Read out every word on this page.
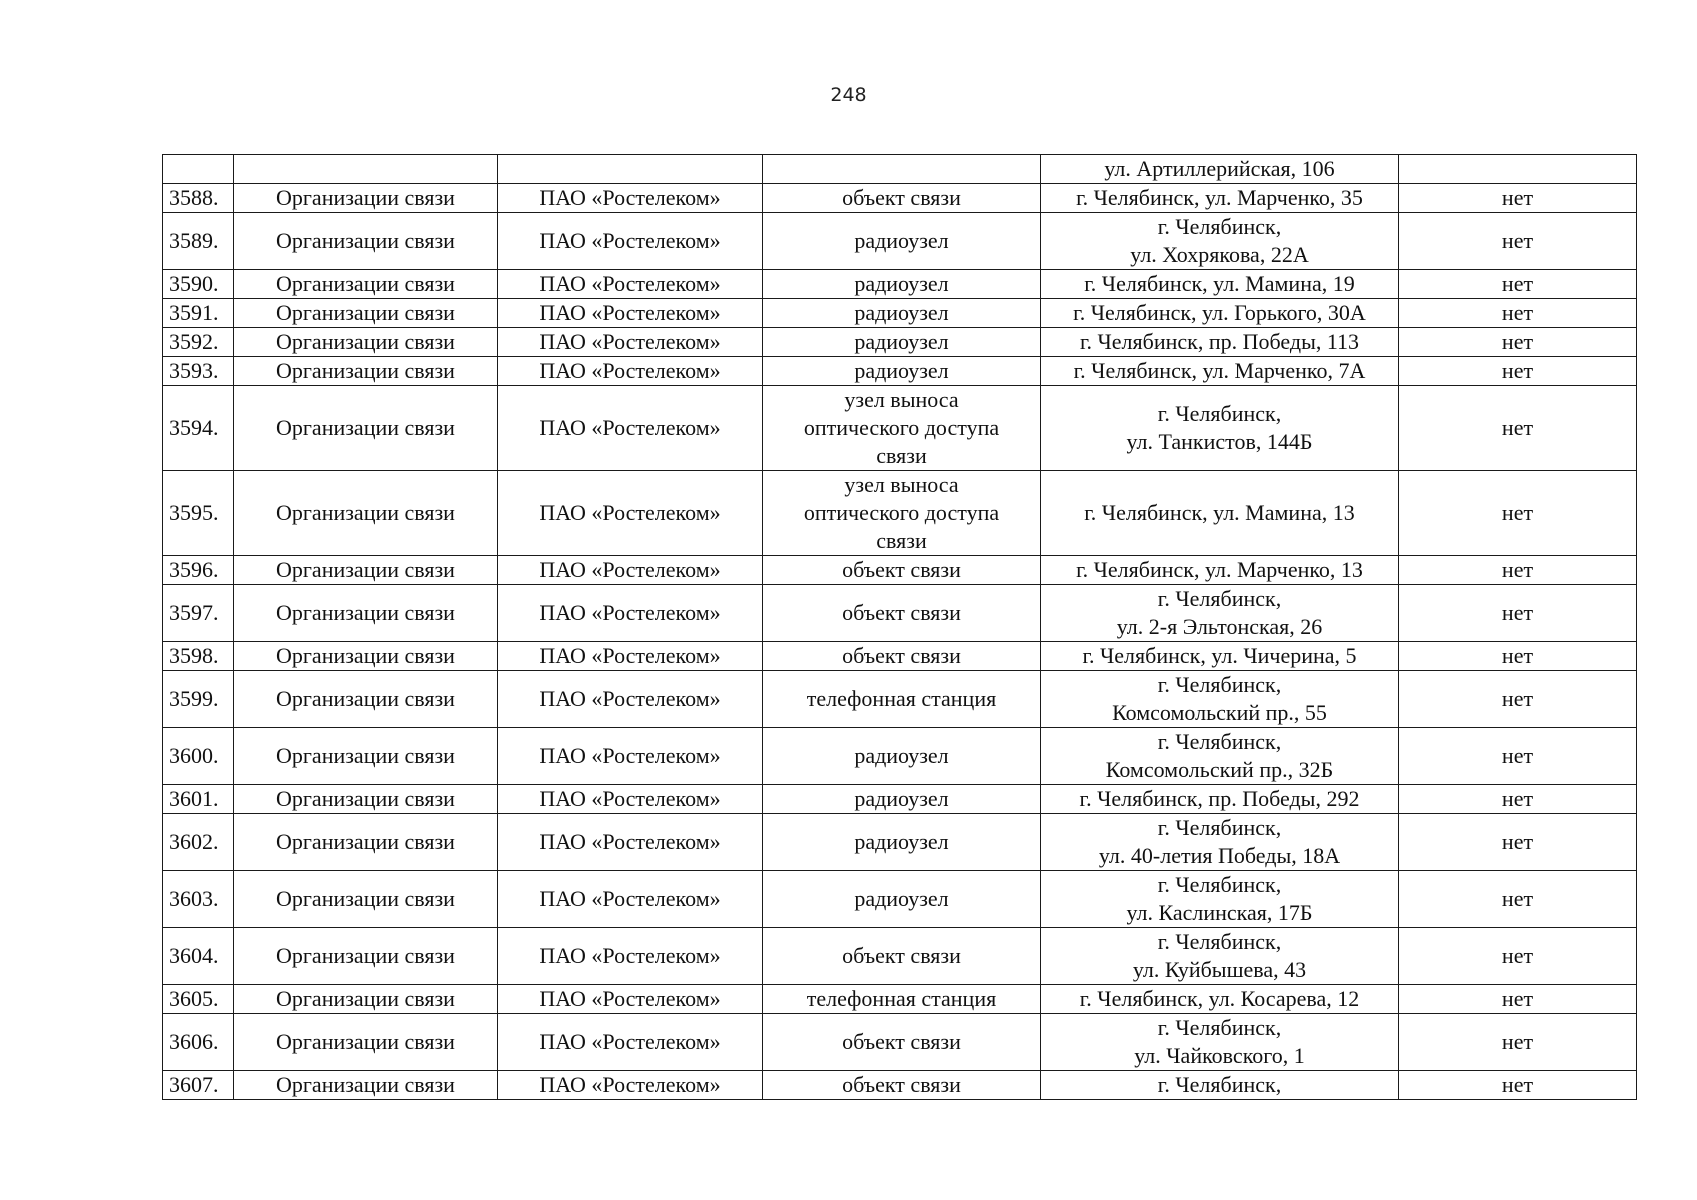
248
				ул. Артиллерийская, 106	
3588.	Организации связи	ПАО «Ростелеком»	объект связи	г. Челябинск, ул. Марченко, 35	нет
3589.	Организации связи	ПАО «Ростелеком»	радиоузел	г. Челябинск,
ул. Хохрякова, 22А	нет
3590.	Организации связи	ПАО «Ростелеком»	радиоузел	г. Челябинск, ул. Мамина, 19	нет
3591.	Организации связи	ПАО «Ростелеком»	радиоузел	г. Челябинск, ул. Горького, 30А	нет
3592.	Организации связи	ПАО «Ростелеком»	радиоузел	г. Челябинск, пр. Победы, 113	нет
3593.	Организации связи	ПАО «Ростелеком»	радиоузел	г. Челябинск, ул. Марченко, 7А	нет
3594.	Организации связи	ПАО «Ростелеком»	узел выноса
оптического доступа
связи	г. Челябинск,
ул. Танкистов, 144Б	нет
3595.	Организации связи	ПАО «Ростелеком»	узел выноса
оптического доступа
связи	г. Челябинск, ул. Мамина, 13	нет
3596.	Организации связи	ПАО «Ростелеком»	объект связи	г. Челябинск, ул. Марченко, 13	нет
3597.	Организации связи	ПАО «Ростелеком»	объект связи	г. Челябинск,
ул. 2-я Эльтонская, 26	нет
3598.	Организации связи	ПАО «Ростелеком»	объект связи	г. Челябинск, ул. Чичерина, 5	нет
3599.	Организации связи	ПАО «Ростелеком»	телефонная станция	г. Челябинск,
Комсомольский пр., 55	нет
3600.	Организации связи	ПАО «Ростелеком»	радиоузел	г. Челябинск,
Комсомольский пр., 32Б	нет
3601.	Организации связи	ПАО «Ростелеком»	радиоузел	г. Челябинск, пр. Победы, 292	нет
3602.	Организации связи	ПАО «Ростелеком»	радиоузел	г. Челябинск,
ул. 40-летия Победы, 18А	нет
3603.	Организации связи	ПАО «Ростелеком»	радиоузел	г. Челябинск,
ул. Каслинская, 17Б	нет
3604.	Организации связи	ПАО «Ростелеком»	объект связи	г. Челябинск,
ул. Куйбышева, 43	нет
3605.	Организации связи	ПАО «Ростелеком»	телефонная станция	г. Челябинск, ул. Косарева, 12	нет
3606.	Организации связи	ПАО «Ростелеком»	объект связи	г. Челябинск,
ул. Чайковского, 1	нет
3607.	Организации связи	ПАО «Ростелеком»	объект связи	г. Челябинск,	нет
